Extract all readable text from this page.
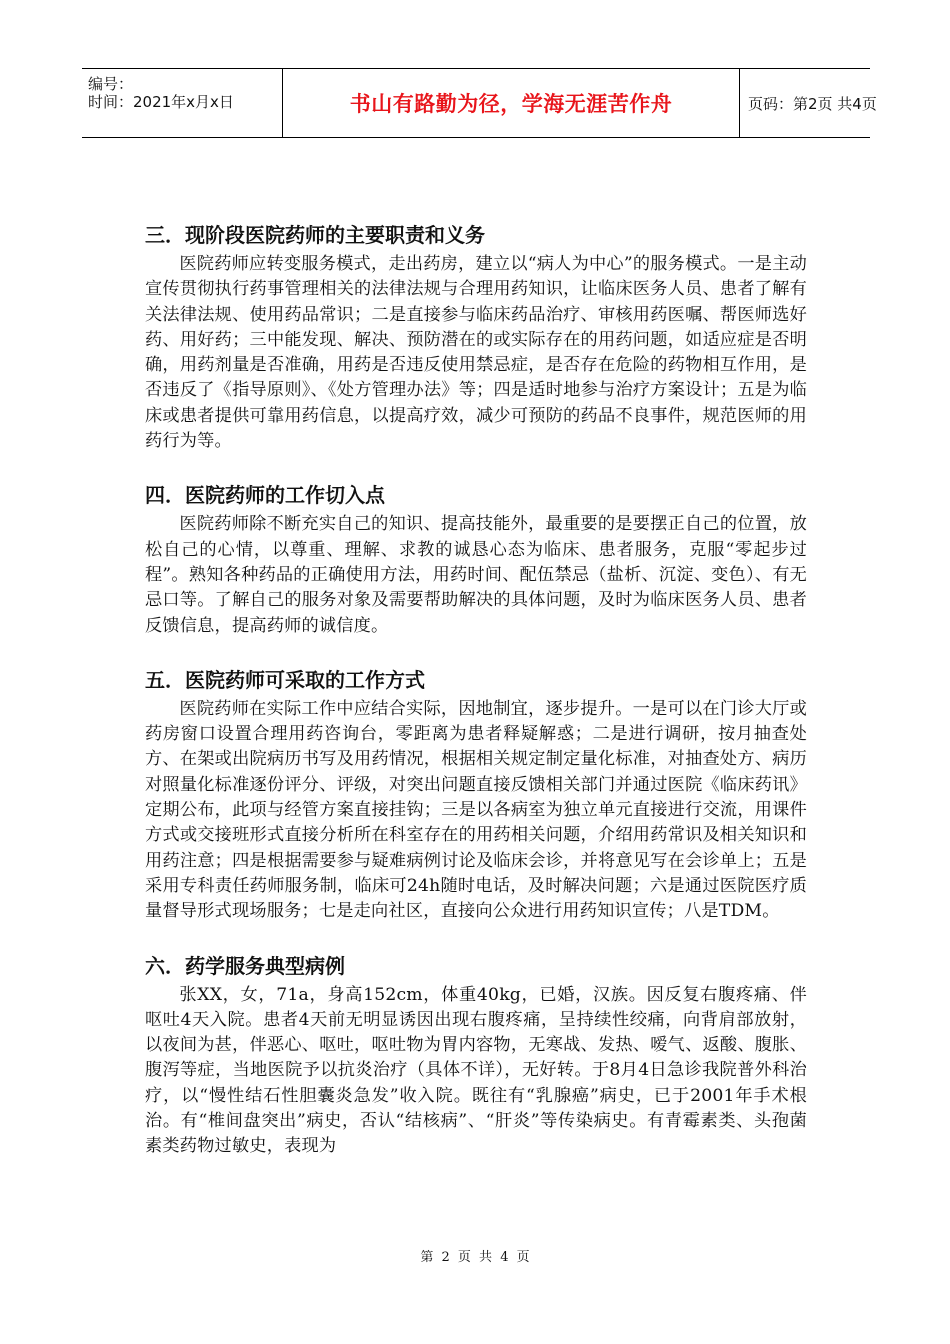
编号：
时间：2021年x月x日	书山有路勤为径，学海无涯苦作舟	页码：第2页 共4页
三．现阶段医院药师的主要职责和义务

医院药师应转变服务模式，走出药房，建立以“病人为中心”的服务模式。一是主动宣传贯彻执行药事管理相关的法律法规与合理用药知识，让临床医务人员、患者了解有关法律法规、使用药品常识；二是直接参与临床药品治疗、审核用药医嘱、帮医师选好药、用好药；三中能发现、解决、预防潜在的或实际存在的用药问题，如适应症是否明确，用药剂量是否准确，用药是否违反使用禁忌症，是否存在危险的药物相互作用，是否违反了《指导原则》、《处方管理办法》等；四是适时地参与治疗方案设计；五是为临床或患者提供可靠用药信息，以提高疗效，减少可预防的药品不良事件，规范医师的用药行为等。

四．医院药师的工作切入点

医院药师除不断充实自己的知识、提高技能外，最重要的是要摆正自己的位置，放松自己的心情，以尊重、理解、求教的诚恳心态为临床、患者服务，克服“零起步过程”。熟知各种药品的正确使用方法，用药时间、配伍禁忌（盐析、沉淀、变色）、有无忌口等。了解自己的服务对象及需要帮助解决的具体问题，及时为临床医务人员、患者反馈信息，提高药师的诚信度。

五．医院药师可采取的工作方式

医院药师在实际工作中应结合实际，因地制宜，逐步提升。一是可以在门诊大厅或药房窗口设置合理用药咨询台，零距离为患者释疑解惑；二是进行调研，按月抽查处方、在架或出院病历书写及用药情况，根据相关规定制定量化标准，对抽查处方、病历对照量化标准逐份评分、评级，对突出问题直接反馈相关部门并通过医院《临床药讯》定期公布，此项与经管方案直接挂钩；三是以各病室为独立单元直接进行交流，用课件方式或交接班形式直接分析所在科室存在的用药相关问题，介绍用药常识及相关知识和用药注意；四是根据需要参与疑难病例讨论及临床会诊，并将意见写在会诊单上；五是采用专科责任药师服务制，临床可24h随时电话，及时解决问题；六是通过医院医疗质量督导形式现场服务；七是走向社区，直接向公众进行用药知识宣传；八是TDM。

六．药学服务典型病例

张XX，女，71a，身高152cm，体重40kg，已婚，汉族。因反复右腹疼痛、伴呕吐4天入院。患者4天前无明显诱因出现右腹疼痛，呈持续性绞痛，向背肩部放射，以夜间为甚，伴恶心、呕吐，呕吐物为胃内容物，无寒战、发热、嗳气、返酸、腹胀、腹泻等症，当地医院予以抗炎治疗（具体不详），无好转。于8月4日急诊我院普外科治疗，以“慢性结石性胆囊炎急发”收入院。既往有“乳腺癌”病史，已于2001年手术根治。有“椎间盘突出”病史，否认“结核病”、“肝炎”等传染病史。有青霉素类、头孢菌素类药物过敏史，表现为

第 2 页 共 4 页
